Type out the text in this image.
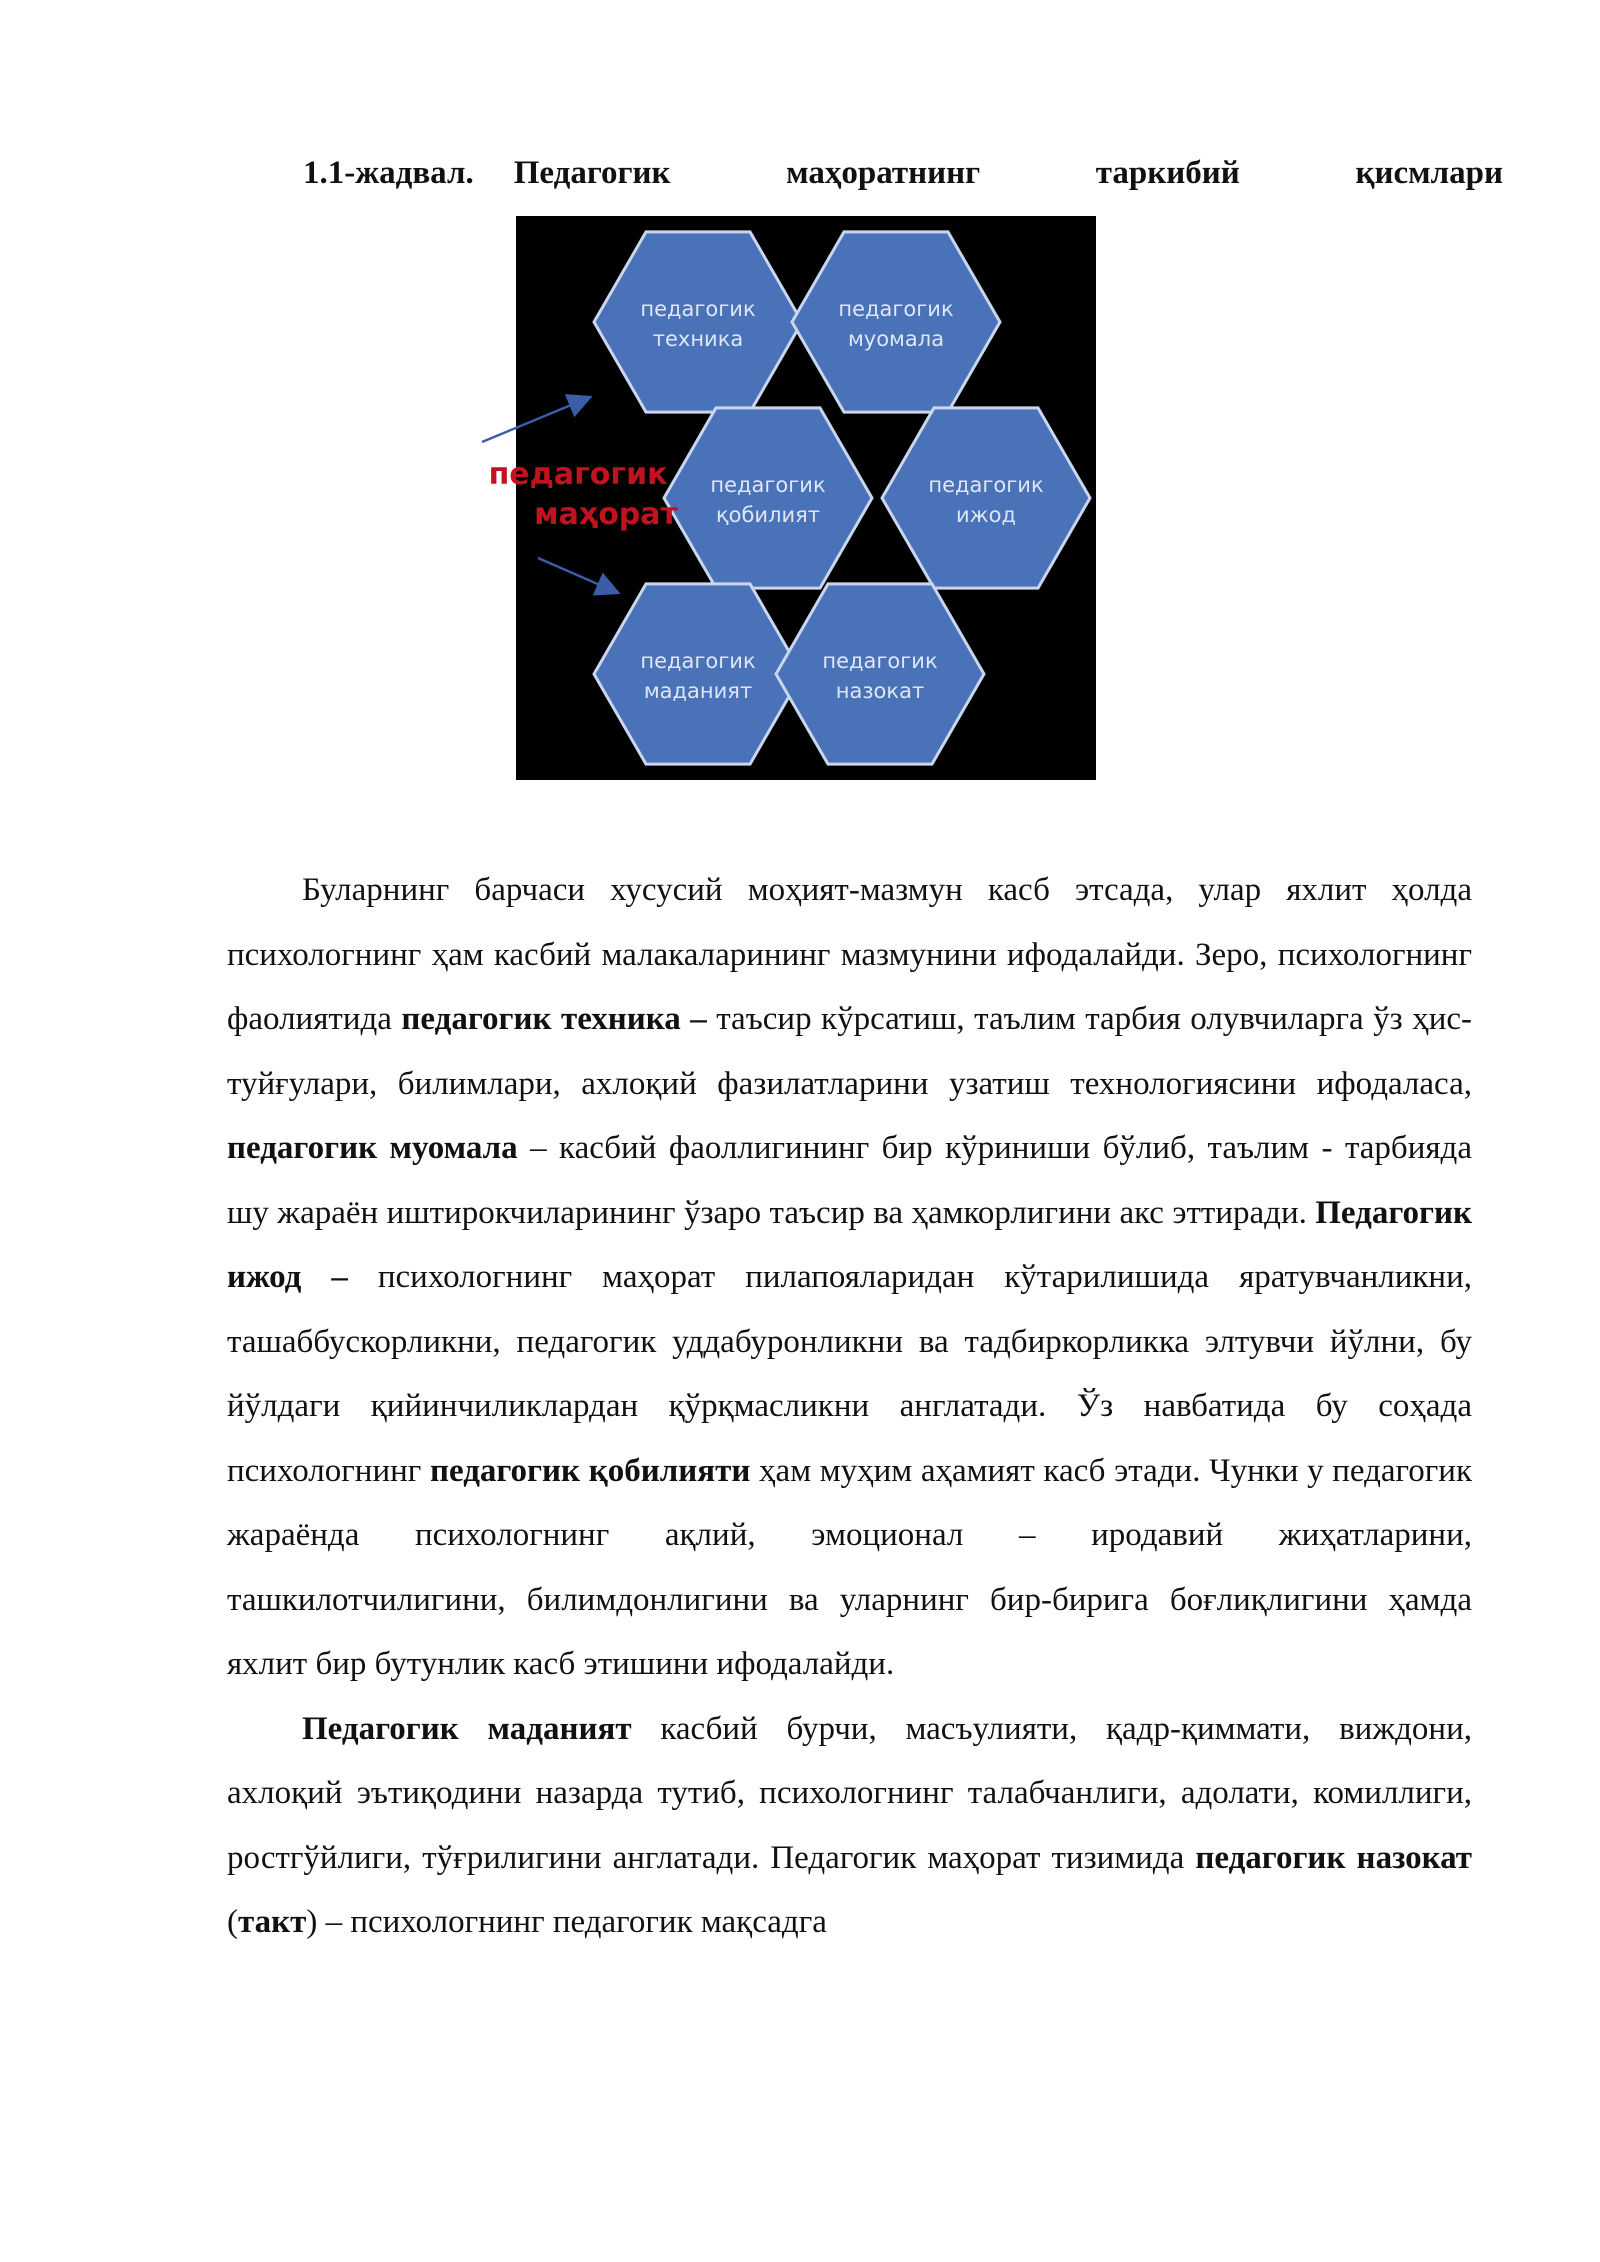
1.1-жадвал. Педагогик	маҳоратнинг	таркибий	қисмлари
педагогик
техника
педагогик
муомала
педагогик
қобилият
педагогик
ижод
педагогик
маданият
педагогик
назокат
педагогик
маҳорат

Буларнинг барчаси хусусий моҳият-мазмун касб этсада, улар яхлит ҳолда психологнинг ҳам касбий малакаларининг мазмунини ифодалайди. Зеро, психологнинг фаолиятида педагогик техника – таъсир кўрсатиш, таълим тарбия олувчиларга ўз ҳис-туйғулари, билимлари, ахлоқий фазилатларини узатиш технологиясини ифодаласа, педагогик муомала – касбий фаоллигининг бир кўриниши бўлиб, таълим - тарбияда шу жараён иштирокчиларининг ўзаро таъсир ва ҳамкорлигини акс эттиради. Педагогик ижод – психологнинг маҳорат пилапояларидан кўтарилишида яратувчанликни, ташаббускорликни, педагогик уддабуронликни ва тадбиркорликка элтувчи йўлни, бу йўлдаги қийинчиликлардан қўрқмасликни англатади. Ўз навбатида бу соҳада психологнинг педагогик қобилияти ҳам муҳим аҳамият касб этади. Чунки у педагогик жараёнда психологнинг ақлий, эмоционал – иродавий жиҳатларини, ташкилотчилигини, билимдонлигини ва уларнинг бир-бирига боғлиқлигини ҳамда яхлит бир бутунлик касб этишини ифодалайди.

Педагогик маданият касбий бурчи, масъулияти, қадр-қиммати, виждони, ахлоқий эътиқодини назарда тутиб, психологнинг талабчанлиги, адолати, комиллиги, ростгўйлиги, тўғрилигини англатади. Педагогик маҳорат тизимида педагогик назокат (такт) – психологнинг педагогик мақсадга
